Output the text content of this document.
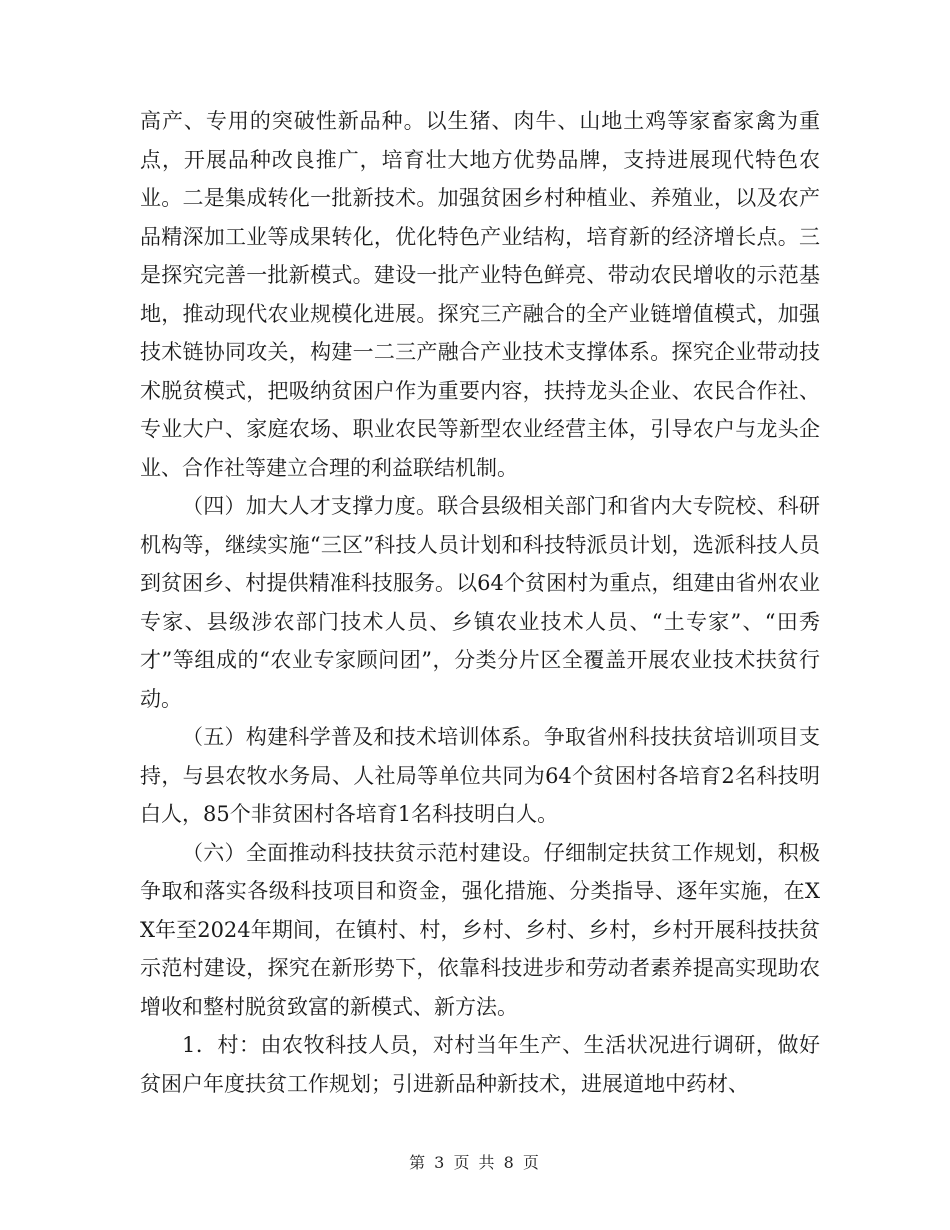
高产、专用的突破性新品种。以生猪、肉牛、山地土鸡等家畜家禽为重点，开展品种改良推广，培育壮大地方优势品牌，支持进展现代特色农业。二是集成转化一批新技术。加强贫困乡村种植业、养殖业，以及农产品精深加工业等成果转化，优化特色产业结构，培育新的经济增长点。三是探究完善一批新模式。建设一批产业特色鲜亮、带动农民增收的示范基地，推动现代农业规模化进展。探究三产融合的全产业链增值模式，加强技术链协同攻关，构建一二三产融合产业技术支撑体系。探究企业带动技术脱贫模式，把吸纳贫困户作为重要内容，扶持龙头企业、农民合作社、专业大户、家庭农场、职业农民等新型农业经营主体，引导农户与龙头企业、合作社等建立合理的利益联结机制。

（四）加大人才支撑力度。联合县级相关部门和省内大专院校、科研机构等，继续实施“三区”科技人员计划和科技特派员计划，选派科技人员到贫困乡、村提供精准科技服务。以64个贫困村为重点，组建由省州农业专家、县级涉农部门技术人员、乡镇农业技术人员、“土专家”、“田秀才”等组成的“农业专家顾问团”，分类分片区全覆盖开展农业技术扶贫行动。

（五）构建科学普及和技术培训体系。争取省州科技扶贫培训项目支持，与县农牧水务局、人社局等单位共同为64个贫困村各培育2名科技明白人，85个非贫困村各培育1名科技明白人。

（六）全面推动科技扶贫示范村建设。仔细制定扶贫工作规划，积极争取和落实各级科技项目和资金，强化措施、分类指导、逐年实施，在XX年至2024年期间，在镇村、村，乡村、乡村、乡村，乡村开展科技扶贫示范村建设，探究在新形势下，依靠科技进步和劳动者素养提高实现助农增收和整村脱贫致富的新模式、新方法。

1．村：由农牧科技人员，对村当年生产、生活状况进行调研，做好贫困户年度扶贫工作规划；引进新品种新技术，进展道地中药材、

第 3 页 共 8 页
